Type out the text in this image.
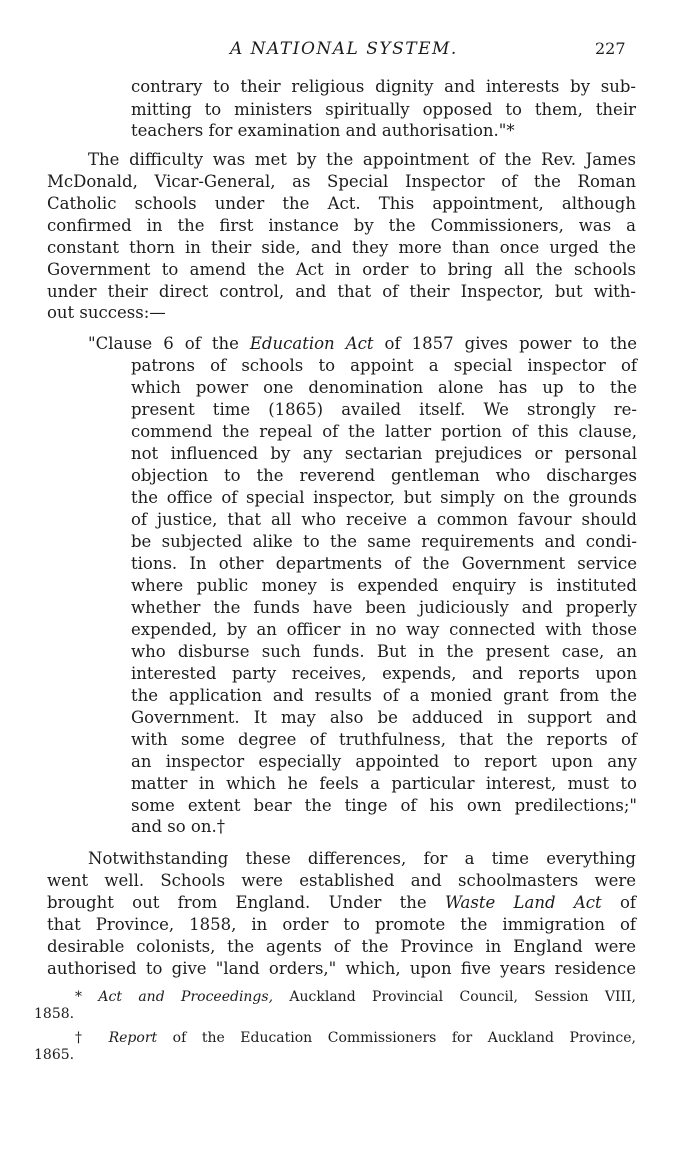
A NATIONAL SYSTEM.	227
contrary to their religious dignity and interests by sub-
mitting to ministers spiritually opposed to them, their
teachers for examination and authorisation."*
The difficulty was met by the appointment of the Rev. James
McDonald, Vicar-General, as Special Inspector of the Roman
Catholic schools under the Act. This appointment, although
confirmed in the first instance by the Commissioners, was a
constant thorn in their side, and they more than once urged the
Government to amend the Act in order to bring all the schools
under their direct control, and that of their Inspector, but with-
out success:—
"Clause 6 of the Education Act of 1857 gives power to the
patrons of schools to appoint a special inspector of
which power one denomination alone has up to the
present time (1865) availed itself. We strongly re-
commend the repeal of the latter portion of this clause,
not influenced by any sectarian prejudices or personal
objection to the reverend gentleman who discharges
the office of special inspector, but simply on the grounds
of justice, that all who receive a common favour should
be subjected alike to the same requirements and condi-
tions. In other departments of the Government service
where public money is expended enquiry is instituted
whether the funds have been judiciously and properly
expended, by an officer in no way connected with those
who disburse such funds. But in the present case, an
interested party receives, expends, and reports upon
the application and results of a monied grant from the
Government. It may also be adduced in support and
with some degree of truthfulness, that the reports of
an inspector especially appointed to report upon any
matter in which he feels a particular interest, must to
some extent bear the tinge of his own predilections;"
and so on.†
Notwithstanding these differences, for a time everything
went well. Schools were established and schoolmasters were
brought out from England. Under the Waste Land Act of
that Province, 1858, in order to promote the immigration of
desirable colonists, the agents of the Province in England were
authorised to give "land orders," which, upon five years residence
* Act and Proceedings, Auckland Provincial Council, Session VIII,
1858.
† Report of the Education Commissioners for Auckland Province,
1865.
